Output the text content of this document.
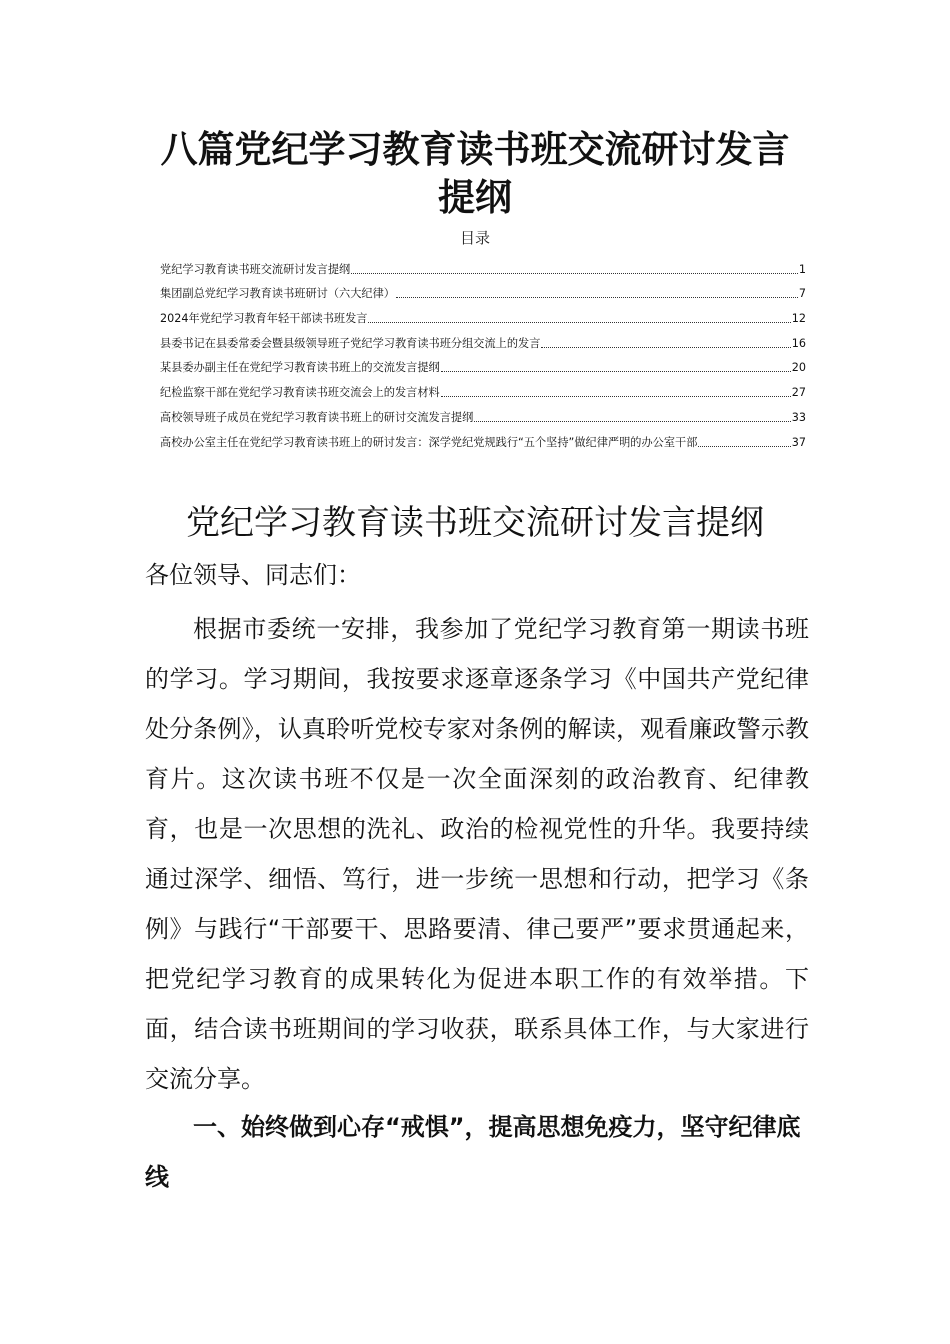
八篇党纪学习教育读书班交流研讨发言提纲
目录
党纪学习教育读书班交流研讨发言提纲	1
集团副总党纪学习教育读书班研讨（六大纪律）	7
2024年党纪学习教育年轻干部读书班发言	12
县委书记在县委常委会暨县级领导班子党纪学习教育读书班分组交流上的发言	16
某县委办副主任在党纪学习教育读书班上的交流发言提纲	20
纪检监察干部在党纪学习教育读书班交流会上的发言材料	27
高校领导班子成员在党纪学习教育读书班上的研讨交流发言提纲	33
高校办公室主任在党纪学习教育读书班上的研讨发言：深学党纪党规践行“五个坚持”做纪律严明的办公室干部	37
党纪学习教育读书班交流研讨发言提纲
各位领导、同志们：

根据市委统一安排，我参加了党纪学习教育第一期读书班的学习。学习期间，我按要求逐章逐条学习《中国共产党纪律处分条例》，认真聆听党校专家对条例的解读，观看廉政警示教育片。这次读书班不仅是一次全面深刻的政治教育、纪律教育，也是一次思想的洗礼、政治的检视党性的升华。我要持续通过深学、细悟、笃行，进一步统一思想和行动，把学习《条例》与践行“干部要干、思路要清、律己要严”要求贯通起来，把党纪学习教育的成果转化为促进本职工作的有效举措。下面，结合读书班期间的学习收获，联系具体工作，与大家进行交流分享。

一、始终做到心存“戒惧”，提高思想免疫力，坚守纪律底线
